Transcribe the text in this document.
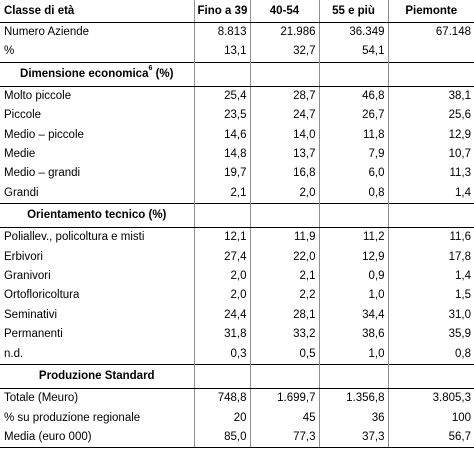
Classe di età	Fino a 39	40-54	55 e più	Piemonte
Numero Aziende	8.813	21.986	36.349	67.148
%	13,1	32,7	54,1	
Dimensione economica$^6$ (%)				
Molto piccole	25,4	28,7	46,8	38,1
Piccole	23,5	24,7	26,7	25,6
Medio – piccole	14,6	14,0	11,8	12,9
Medie	14,8	13,7	7,9	10,7
Medio – grandi	19,7	16,8	6,0	11,3
Grandi	2,1	2,0	0,8	1,4
Orientamento tecnico (%)				
Poliallev., policoltura e misti	12,1	11,9	11,2	11,6
Erbivori	27,4	22,0	12,9	17,8
Granivori	2,0	2,1	0,9	1,4
Ortofloricoltura	2,0	2,2	1,0	1,5
Seminativi	24,4	28,1	34,4	31,0
Permanenti	31,8	33,2	38,6	35,9
n.d.	0,3	0,5	1,0	0,8
Produzione Standard				
Totale (Meuro)	748,8	1.699,7	1.356,8	3.805,3
% su produzione regionale	20	45	36	100
Media (euro 000)	85,0	77,3	37,3	56,7
